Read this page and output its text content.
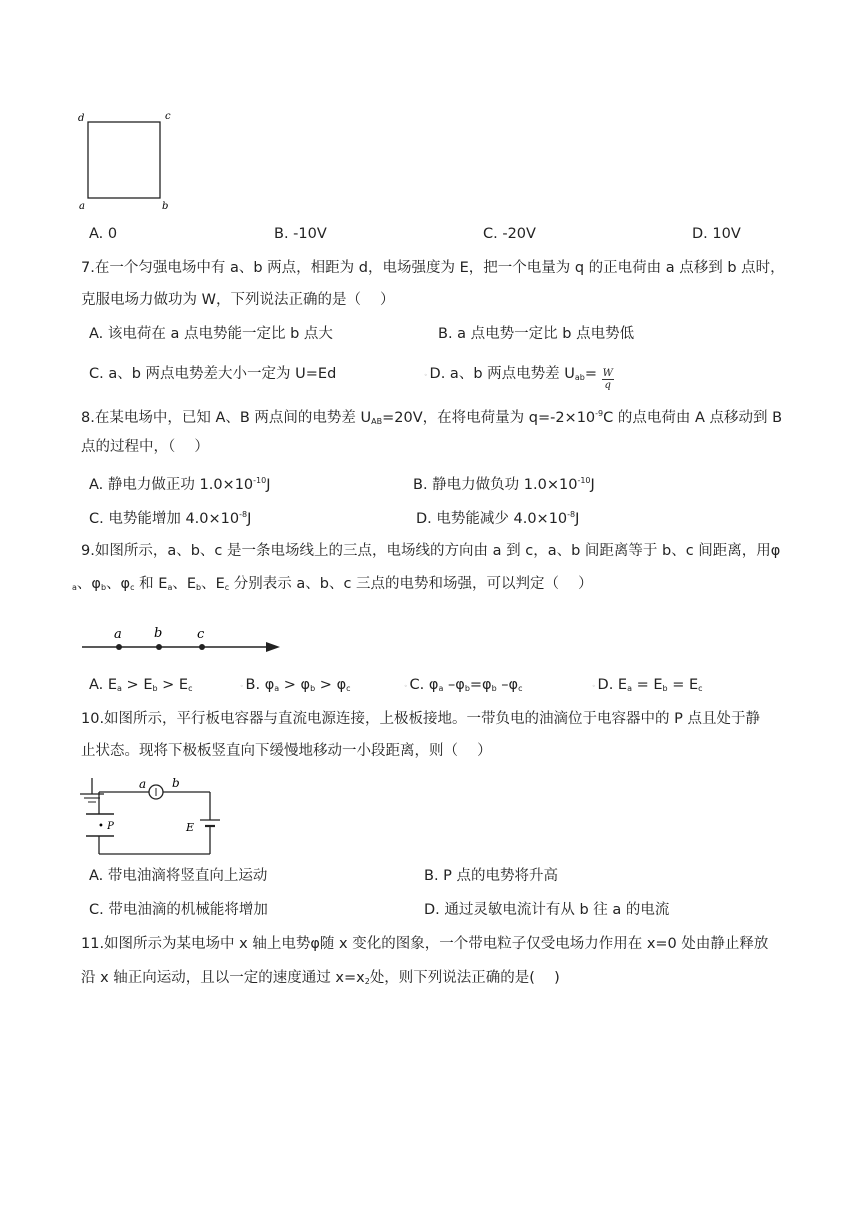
d	c
a	b
A. 0	B. -10V	C. -20V	D. 10V
7.在一个匀强电场中有 a、b 两点，相距为 d，电场强度为 E，把一个电量为 q 的正电荷由 a 点移到 b 点时，
克服电场力做功为 W，下列说法正确的是（　 ）
A. 该电荷在 a 点电势能一定比 b 点大	B. a 点电势一定比 b 点电势低
C. a、b 两点电势差大小一定为 U=Ed	◦ D. a、b 两点电势差 $U_{ab}= \frac{W}{q}$
8.在某电场中，已知 A、B 两点间的电势差 $U_{AB}=20V$，在将电荷量为 $q=-2\times 10^{-9}C$ 的点电荷由 A 点移动到 B
点的过程中，（　 ）
A. 静电力做正功 $1.0\times 10^{-10}J$	B. 静电力做负功 $1.0\times 10^{-10}J$
C. 电势能增加 $4.0\times 10^{-8}J$	D. 电势能减少 $4.0\times 10^{-8}J$
9.如图所示，a、b、c 是一条电场线上的三点，电场线的方向由 a 到 c，a、b 间距离等于 b、c 间距离，用φ
$_a$、$\varphi_b$、$\varphi_c$ 和 $E_a$、$E_b$、$E_c$ 分别表示 a、b、c 三点的电势和场强，可以判定（　 ）
a b	c
A. $E_a > E_b > E_c$	◦ B. $\varphi_a > \varphi_b > \varphi_c$	◦ C. $\varphi_a$ $-\varphi_b=\varphi_b$ $-\varphi_c$	◦ D. $E_a = E_b = E_c$
10.如图所示，平行板电容器与直流电源连接，上极板接地。一带负电的油滴位于电容器中的 P 点且处于静
止状态。现将下极板竖直向下缓慢地移动一小段距离，则（　 ）
a b
E
• P
A. 带电油滴将竖直向上运动	B. P 点的电势将升高
C. 带电油滴的机械能将增加	D. 通过灵敏电流计有从 b 往 a 的电流
11.如图所示为某电场中 x 轴上电势φ随 x 变化的图象，一个带电粒子仅受电场力作用在 x=0 处由静止释放
沿 x 轴正向运动，且以一定的速度通过 $x=x_2$处，则下列说法正确的是(　 )
